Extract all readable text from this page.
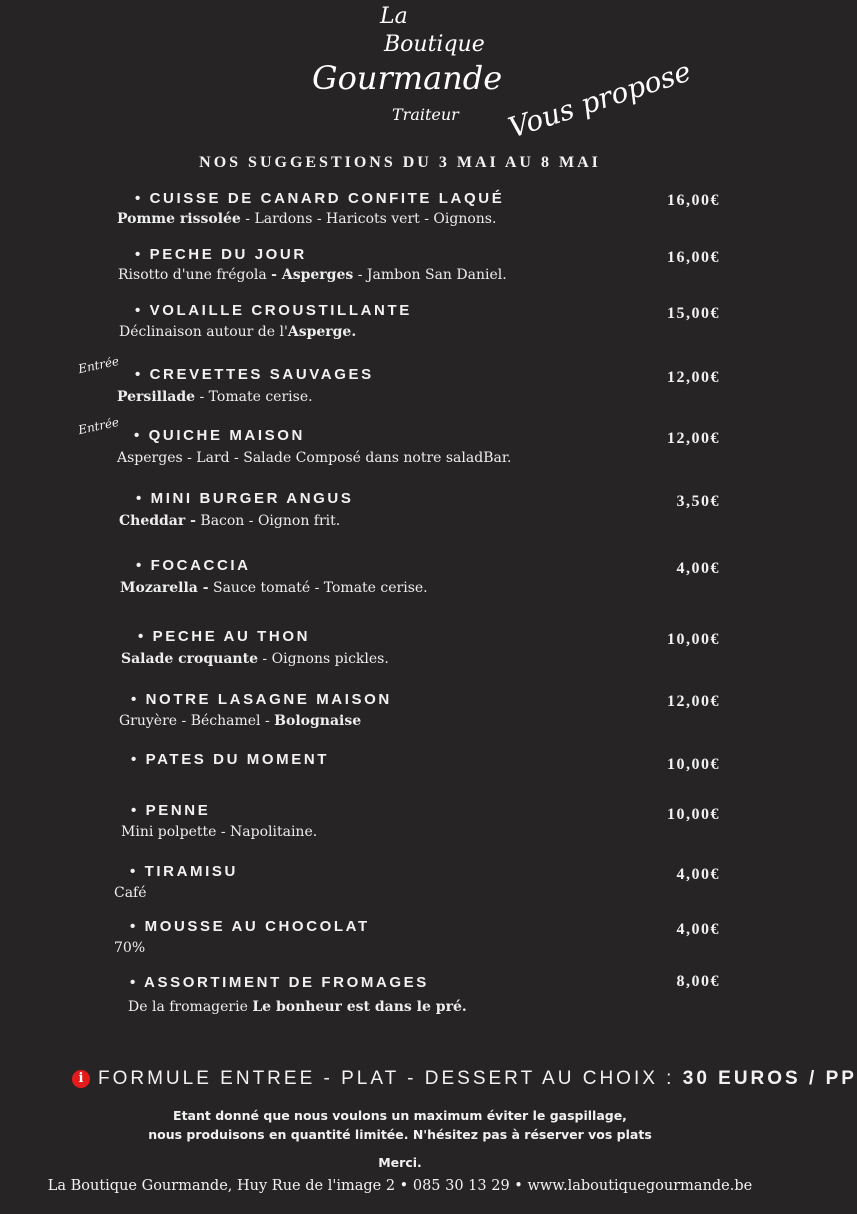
La
Boutique
Gourmande
Traiteur Vous propose
NOS SUGGESTIONS DU 3 MAI AU 8 MAI
• CUISSE DE CANARD CONFITE LAQUÉ
Pomme rissolée - Lardons - Haricots vert - Oignons.
16,00€
• PECHE DU JOUR
Risotto d'une frégola - Asperges - Jambon San Daniel.
16,00€
• VOLAILLE CROUSTILLANTE
Déclinaison autour de l'Asperge.
15,00€
• CREVETTES SAUVAGES
Entrée
Persillade - Tomate cerise.
12,00€
• QUICHE MAISON
Entrée
Asperges - Lard - Salade Composé dans notre saladBar.
12,00€
• MINI BURGER ANGUS
Cheddar - Bacon - Oignon frit.
3,50€
• FOCACCIA
Mozarella - Sauce tomaté - Tomate cerise.
4,00€
• PECHE AU THON
Salade croquante - Oignons pickles.
10,00€
• NOTRE LASAGNE MAISON
Gruyère - Béchamel - Bolognaise
12,00€
• PATES DU MOMENT	10,00€
• PENNE
Mini polpette - Napolitaine.
10,00€
• TIRAMISU
Café
4,00€
• MOUSSE AU CHOCOLAT
70%
4,00€
• ASSORTIMENT DE FROMAGES
De la fromagerie Le bonheur est dans le pré.
8,00€
i FORMULE ENTREE - PLAT - DESSERT AU CHOIX : 30 EUROS / PP
Etant donné que nous voulons un maximum éviter le gaspillage,
nous produisons en quantité limitée. N'hésitez pas à réserver vos plats
Merci.
La Boutique Gourmande, Huy Rue de l'image 2 • 085 30 13 29 • www.laboutiquegourmande.be
